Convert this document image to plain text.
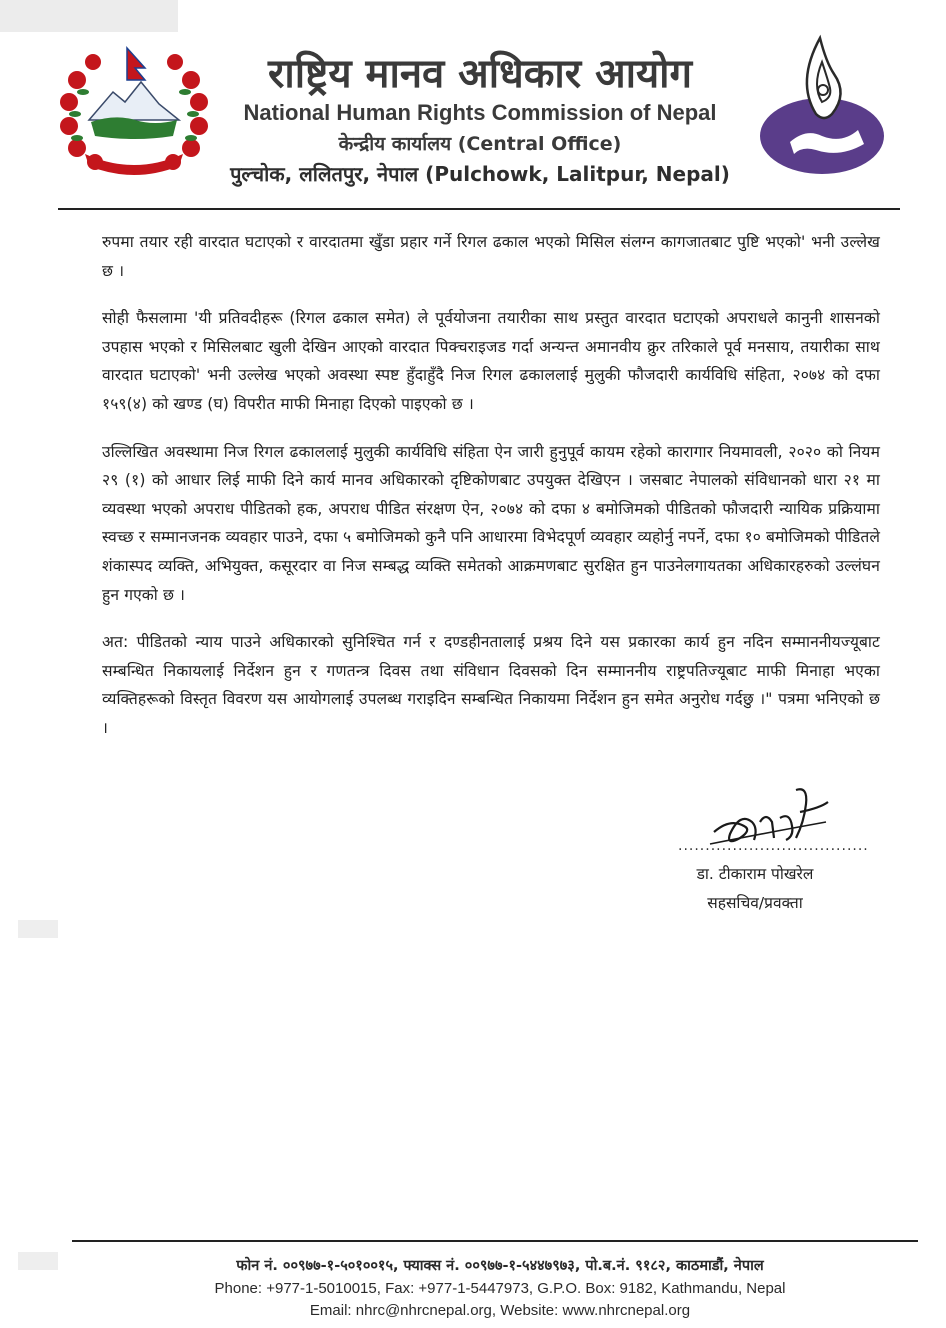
राष्ट्रिय मानव अधिकार आयोग
National Human Rights Commission of Nepal
केन्द्रीय कार्यालय (Central Office)
पुल्चोक, ललितपुर, नेपाल (Pulchowk, Lalitpur, Nepal)

रुपमा तयार रही वारदात घटाएको र वारदातमा खुँडा प्रहार गर्ने रिगल ढकाल भएको मिसिल संलग्न कागजातबाट पुष्टि भएको' भनी उल्लेख छ ।

सोही फैसलामा 'यी प्रतिवदीहरू (रिगल ढकाल समेत) ले पूर्वयोजना तयारीका साथ प्रस्तुत वारदात घटाएको अपराधले कानुनी शासनको उपहास भएको र मिसिलबाट खुली देखिन आएको वारदात पिक्चराइजड गर्दा अन्यन्त अमानवीय क्रुर तरिकाले पूर्व मनसाय, तयारीका साथ वारदात घटाएको' भनी उल्लेख भएको अवस्था स्पष्ट हुँदाहुँदै निज रिगल ढकाललाई मुलुकी फौजदारी कार्यविधि संहिता, २०७४ को दफा १५९(४) को खण्ड (घ) विपरीत माफी मिनाहा दिएको पाइएको छ ।

उल्लिखित अवस्थामा निज रिगल ढकाललाई मुलुकी कार्यविधि संहिता ऐन जारी हुनुपूर्व कायम रहेको कारागार नियमावली, २०२० को नियम २९ (१) को आधार लिई माफी दिने कार्य मानव अधिकारको दृष्टिकोणबाट उपयुक्त देखिएन । जसबाट नेपालको संविधानको धारा २१ मा व्यवस्था भएको अपराध पीडितको हक, अपराध पीडित संरक्षण ऐन, २०७४ को दफा ४ बमोजिमको पीडितको फौजदारी न्यायिक प्रक्रियामा स्वच्छ र सम्मानजनक व्यवहार पाउने, दफा ५ बमोजिमको कुनै पनि आधारमा विभेदपूर्ण व्यवहार व्यहोर्नु नपर्ने, दफा १० बमोजिमको पीडितले शंकास्पद व्यक्ति, अभियुक्त, कसूरदार वा निज सम्बद्ध व्यक्ति समेतको आक्रमणबाट सुरक्षित हुन पाउनेलगायतका अधिकारहरुको उल्लंघन हुन गएको छ ।

अत: पीडितको न्याय पाउने अधिकारको सुनिश्चित गर्न र दण्डहीनतालाई प्रश्रय दिने यस प्रकारका कार्य हुन नदिन सम्माननीयज्यूबाट सम्बन्धित निकायलाई निर्देशन हुन र गणतन्त्र दिवस तथा संविधान दिवसको दिन सम्माननीय राष्ट्रपतिज्यूबाट माफी मिनाहा भएका व्यक्तिहरूको विस्तृत विवरण यस आयोगलाई उपलब्ध गराइदिन सम्बन्धित निकायमा निर्देशन हुन समेत अनुरोध गर्दछु ।" पत्रमा भनिएको छ ।

...................................
डा. टीकाराम पोखरेल
सहसचिव/प्रवक्ता
फोन नं. ००९७७-१-५०१००१५, फ्याक्स नं. ००९७७-१-५४४७९७३, पो.ब.नं. ९१८२, काठमाडौं, नेपाल
Phone: +977-1-5010015, Fax: +977-1-5447973, G.P.O. Box: 9182, Kathmandu, Nepal
Email: nhrc@nhrcnepal.org, Website: www.nhrcnepal.org
